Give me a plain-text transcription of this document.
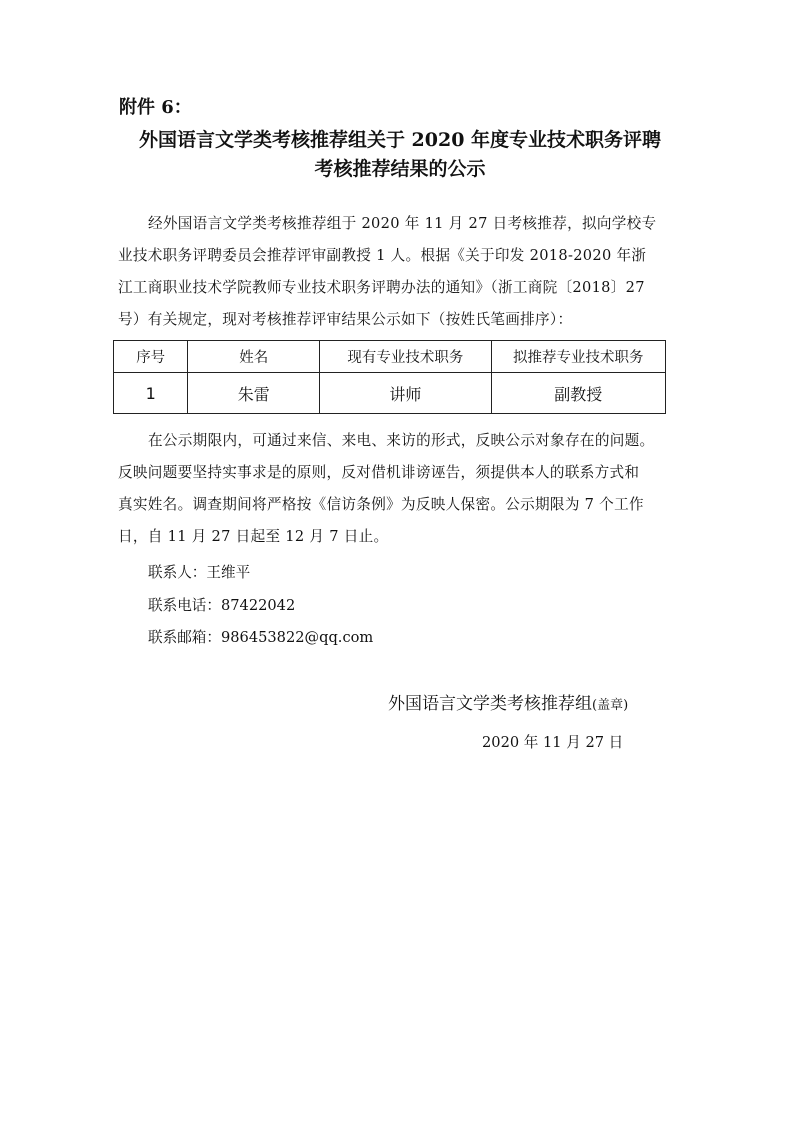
附件 6：
外国语言文学类考核推荐组关于 2020 年度专业技术职务评聘
考核推荐结果的公示
经外国语言文学类考核推荐组于 2020 年 11 月 27 日考核推荐，拟向学校专
业技术职务评聘委员会推荐评审副教授 1 人。根据《关于印发 2018-2020 年浙
江工商职业技术学院教师专业技术职务评聘办法的通知》（浙工商院〔2018〕27
号）有关规定，现对考核推荐评审结果公示如下（按姓氏笔画排序）：
序号	姓名	现有专业技术职务	拟推荐专业技术职务
1	朱雷	讲师	副教授
在公示期限内，可通过来信、来电、来访的形式，反映公示对象存在的问题。
反映问题要坚持实事求是的原则，反对借机诽谤诬告，须提供本人的联系方式和
真实姓名。调查期间将严格按《信访条例》为反映人保密。公示期限为 7 个工作
日，自 11 月 27 日起至 12 月 7 日止。
联系人：王维平
联系电话：87422042
联系邮箱：986453822@qq.com
外国语言文学类考核推荐组(盖章)
2020 年 11 月 27 日
